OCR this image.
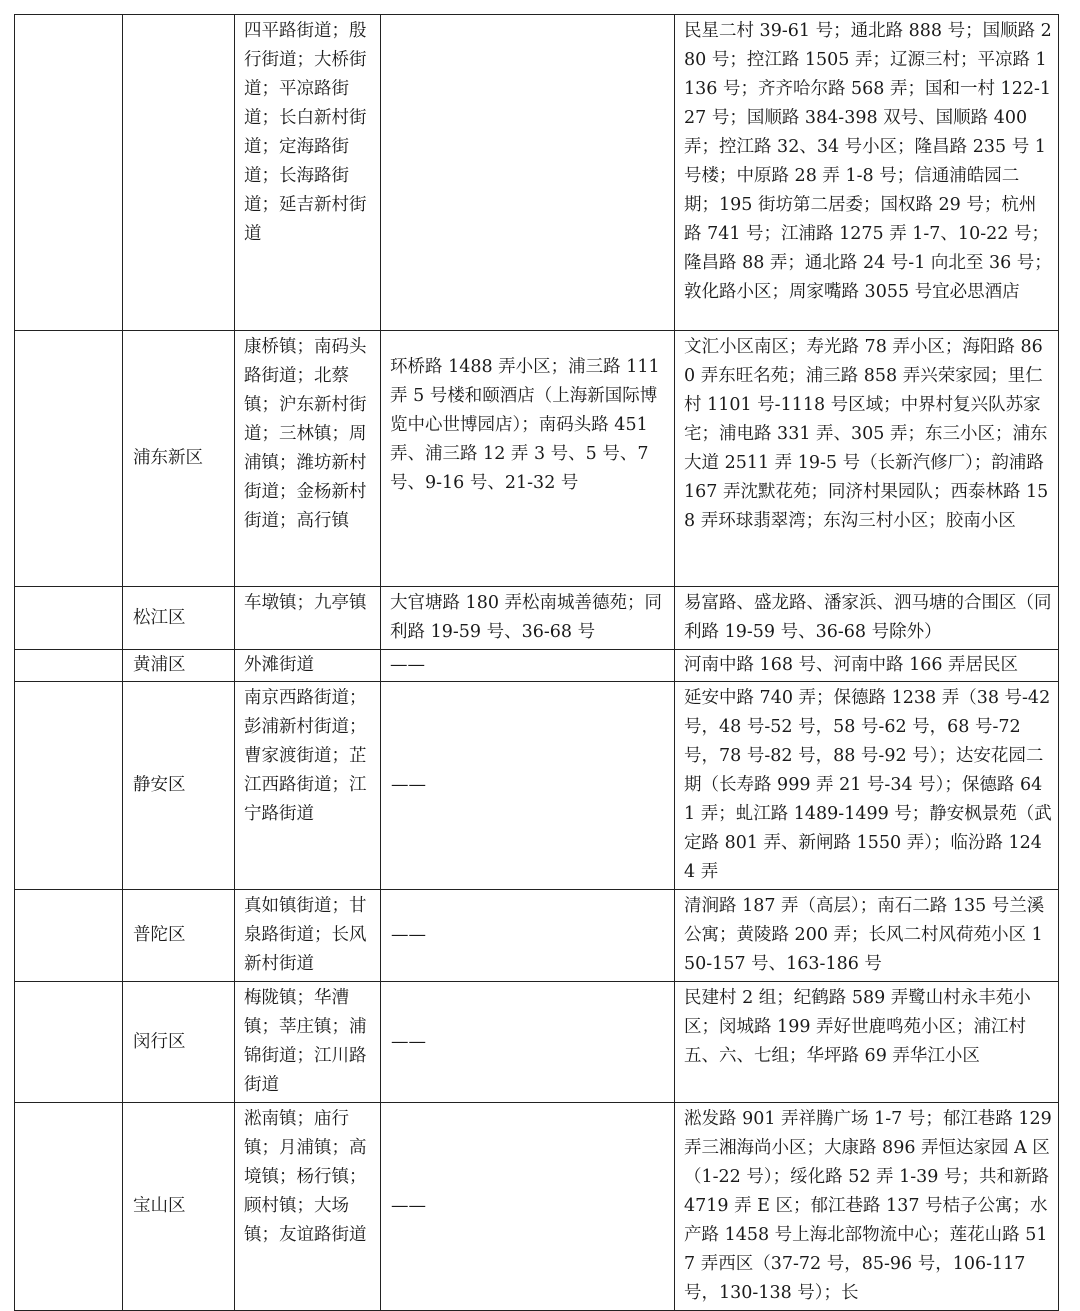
		四平路街道；殷行街道；大桥街道；平凉路街道；长白新村街道；定海路街道；长海路街道；延吉新村街道		民星二村 39-61 号；通北路 888 号；国顺路 280 号；控江路 1505 弄；辽源三村；平凉路 1136 号；齐齐哈尔路 568 弄；国和一村 122-127 号；国顺路 384-398 双号、国顺路 400 弄；控江路 32、34 号小区；隆昌路 235 号 1 号楼；中原路 28 弄 1-8 号；信通浦皓园二期；195 街坊第二居委；国权路 29 号；杭州路 741 号；江浦路 1275 弄 1-7、10-22 号；隆昌路 88 弄；通北路 24 号-1 向北至 36 号；敦化路小区；周家嘴路 3055 号宜必思酒店
	浦东新区	康桥镇；南码头路街道；北蔡镇；沪东新村街道；三林镇；周浦镇；潍坊新村街道；金杨新村街道；高行镇	环桥路 1488 弄小区；浦三路 111 弄 5 号楼和颐酒店（上海新国际博览中心世博园店）；南码头路 451 弄、浦三路 12 弄 3 号、5 号、7 号、9-16 号、21-32 号	文汇小区南区；寿光路 78 弄小区；海阳路 860 弄东旺名苑；浦三路 858 弄兴荣家园；里仁村 1101 号-1118 号区域；中界村复兴队苏家宅；浦电路 331 弄、305 弄；东三小区；浦东大道 2511 弄 19-5 号（长新汽修厂）；韵浦路 167 弄沈默花苑；同济村果园队；西泰林路 158 弄环球翡翠湾；东沟三村小区；胶南小区
	松江区	车墩镇；九亭镇	大官塘路 180 弄松南城善德苑；同利路 19-59 号、36-68 号	易富路、盛龙路、潘家浜、泗马塘的合围区（同利路 19-59 号、36-68 号除外）
	黄浦区	外滩街道	——	河南中路 168 号、河南中路 166 弄居民区
	静安区	南京西路街道；彭浦新村街道；曹家渡街道；芷江西路街道；江宁路街道	——	延安中路 740 弄；保德路 1238 弄（38 号-42 号，48 号-52 号，58 号-62 号，68 号-72 号，78 号-82 号，88 号-92 号）；达安花园二期（长寿路 999 弄 21 号-34 号）；保德路 641 弄；虬江路 1489-1499 号；静安枫景苑（武定路 801 弄、新闸路 1550 弄）；临汾路 1244 弄
	普陀区	真如镇街道；甘泉路街道；长风新村街道	——	清涧路 187 弄（高层）；南石二路 135 号兰溪公寓；黄陵路 200 弄；长风二村风荷苑小区 150-157 号、163-186 号
	闵行区	梅陇镇；华漕镇；莘庄镇；浦锦街道；江川路街道	——	民建村 2 组；纪鹤路 589 弄鹭山村永丰苑小区；闵城路 199 弄好世鹿鸣苑小区；浦江村五、六、七组；华坪路 69 弄华江小区
	宝山区	淞南镇；庙行镇；月浦镇；高境镇；杨行镇；顾村镇；大场镇；友谊路街道	——	淞发路 901 弄祥腾广场 1-7 号；郁江巷路 129 弄三湘海尚小区；大康路 896 弄恒达家园 A 区（1-22 号）；绥化路 52 弄 1-39 号；共和新路 4719 弄 E 区；郁江巷路 137 号桔子公寓；水产路 1458 号上海北部物流中心；莲花山路 517 弄西区（37-72 号，85-96 号，106-117 号，130-138 号）；长
